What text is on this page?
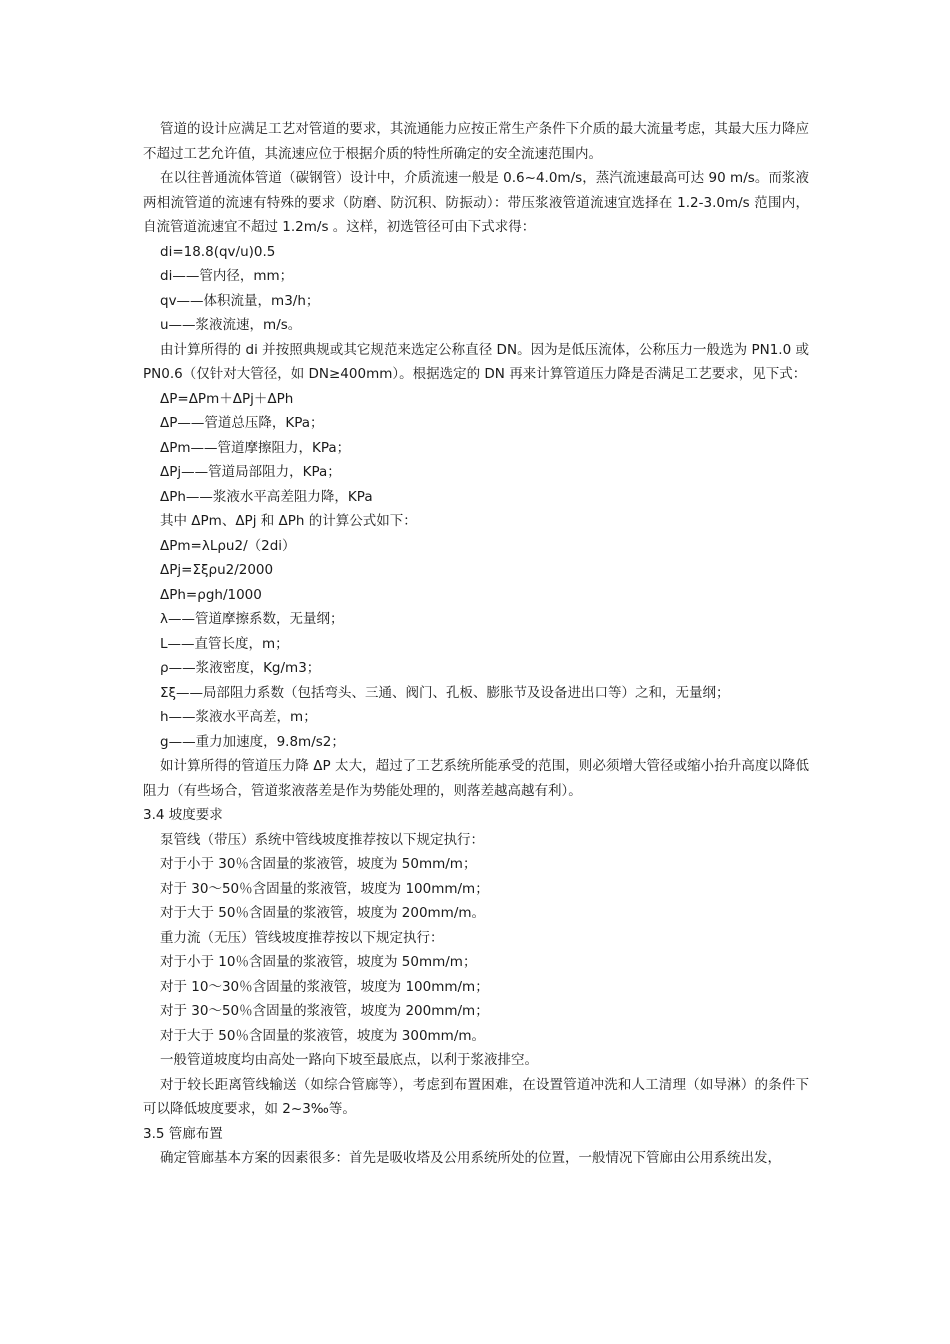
管道的设计应满足工艺对管道的要求，其流通能力应按正常生产条件下介质的最大流量考虑，其最大压力降应不超过工艺允许值，其流速应位于根据介质的特性所确定的安全流速范围内。

在以往普通流体管道（碳钢管）设计中，介质流速一般是 0.6~4.0m/s，蒸汽流速最高可达 90 m/s。而浆液两相流管道的流速有特殊的要求（防磨、防沉积、防振动）：带压浆液管道流速宜选择在 1.2-3.0m/s 范围内，自流管道流速宜不超过 1.2m/s 。这样，初选管径可由下式求得：

di=18.8(qv/u)0.5

di——管内径，mm；

qv——体积流量，m3/h；

u——浆液流速，m/s。

由计算所得的 di 并按照典规或其它规范来选定公称直径 DN。因为是低压流体，公称压力一般选为 PN1.0 或 PN0.6（仅针对大管径，如 DN≥400mm）。根据选定的 DN 再来计算管道压力降是否满足工艺要求，见下式：

ΔP=ΔPm＋ΔPj＋ΔPh

ΔP——管道总压降，KPa；

ΔPm——管道摩擦阻力，KPa；

ΔPj——管道局部阻力，KPa；

ΔPh——浆液水平高差阻力降，KPa

其中 ΔPm、ΔPj 和 ΔPh 的计算公式如下：

ΔPm=λLρu2/（2di）

ΔPj=Σξρu2/2000

ΔPh=ρgh/1000

λ——管道摩擦系数，无量纲；

L——直管长度，m；

ρ——浆液密度，Kg/m3；

Σξ——局部阻力系数（包括弯头、三通、阀门、孔板、膨胀节及设备进出口等）之和，无量纲；

h——浆液水平高差，m；

g——重力加速度，9.8m/s2；

如计算所得的管道压力降 ΔP 太大，超过了工艺系统所能承受的范围，则必须增大管径或缩小抬升高度以降低阻力（有些场合，管道浆液落差是作为势能处理的，则落差越高越有利）。

3.4 坡度要求

泵管线（带压）系统中管线坡度推荐按以下规定执行：

对于小于 30％含固量的浆液管，坡度为 50mm/m；

对于 30～50％含固量的浆液管，坡度为 100mm/m；

对于大于 50％含固量的浆液管，坡度为 200mm/m。

重力流（无压）管线坡度推荐按以下规定执行：

对于小于 10％含固量的浆液管，坡度为 50mm/m；

对于 10～30％含固量的浆液管，坡度为 100mm/m；

对于 30～50％含固量的浆液管，坡度为 200mm/m；

对于大于 50％含固量的浆液管，坡度为 300mm/m。

一般管道坡度均由高处一路向下坡至最底点，以利于浆液排空。

对于较长距离管线输送（如综合管廊等），考虑到布置困难，在设置管道冲洗和人工清理（如导淋）的条件下可以降低坡度要求，如 2~3‰等。

3.5 管廊布置

确定管廊基本方案的因素很多：首先是吸收塔及公用系统所处的位置，一般情况下管廊由公用系统出发，
